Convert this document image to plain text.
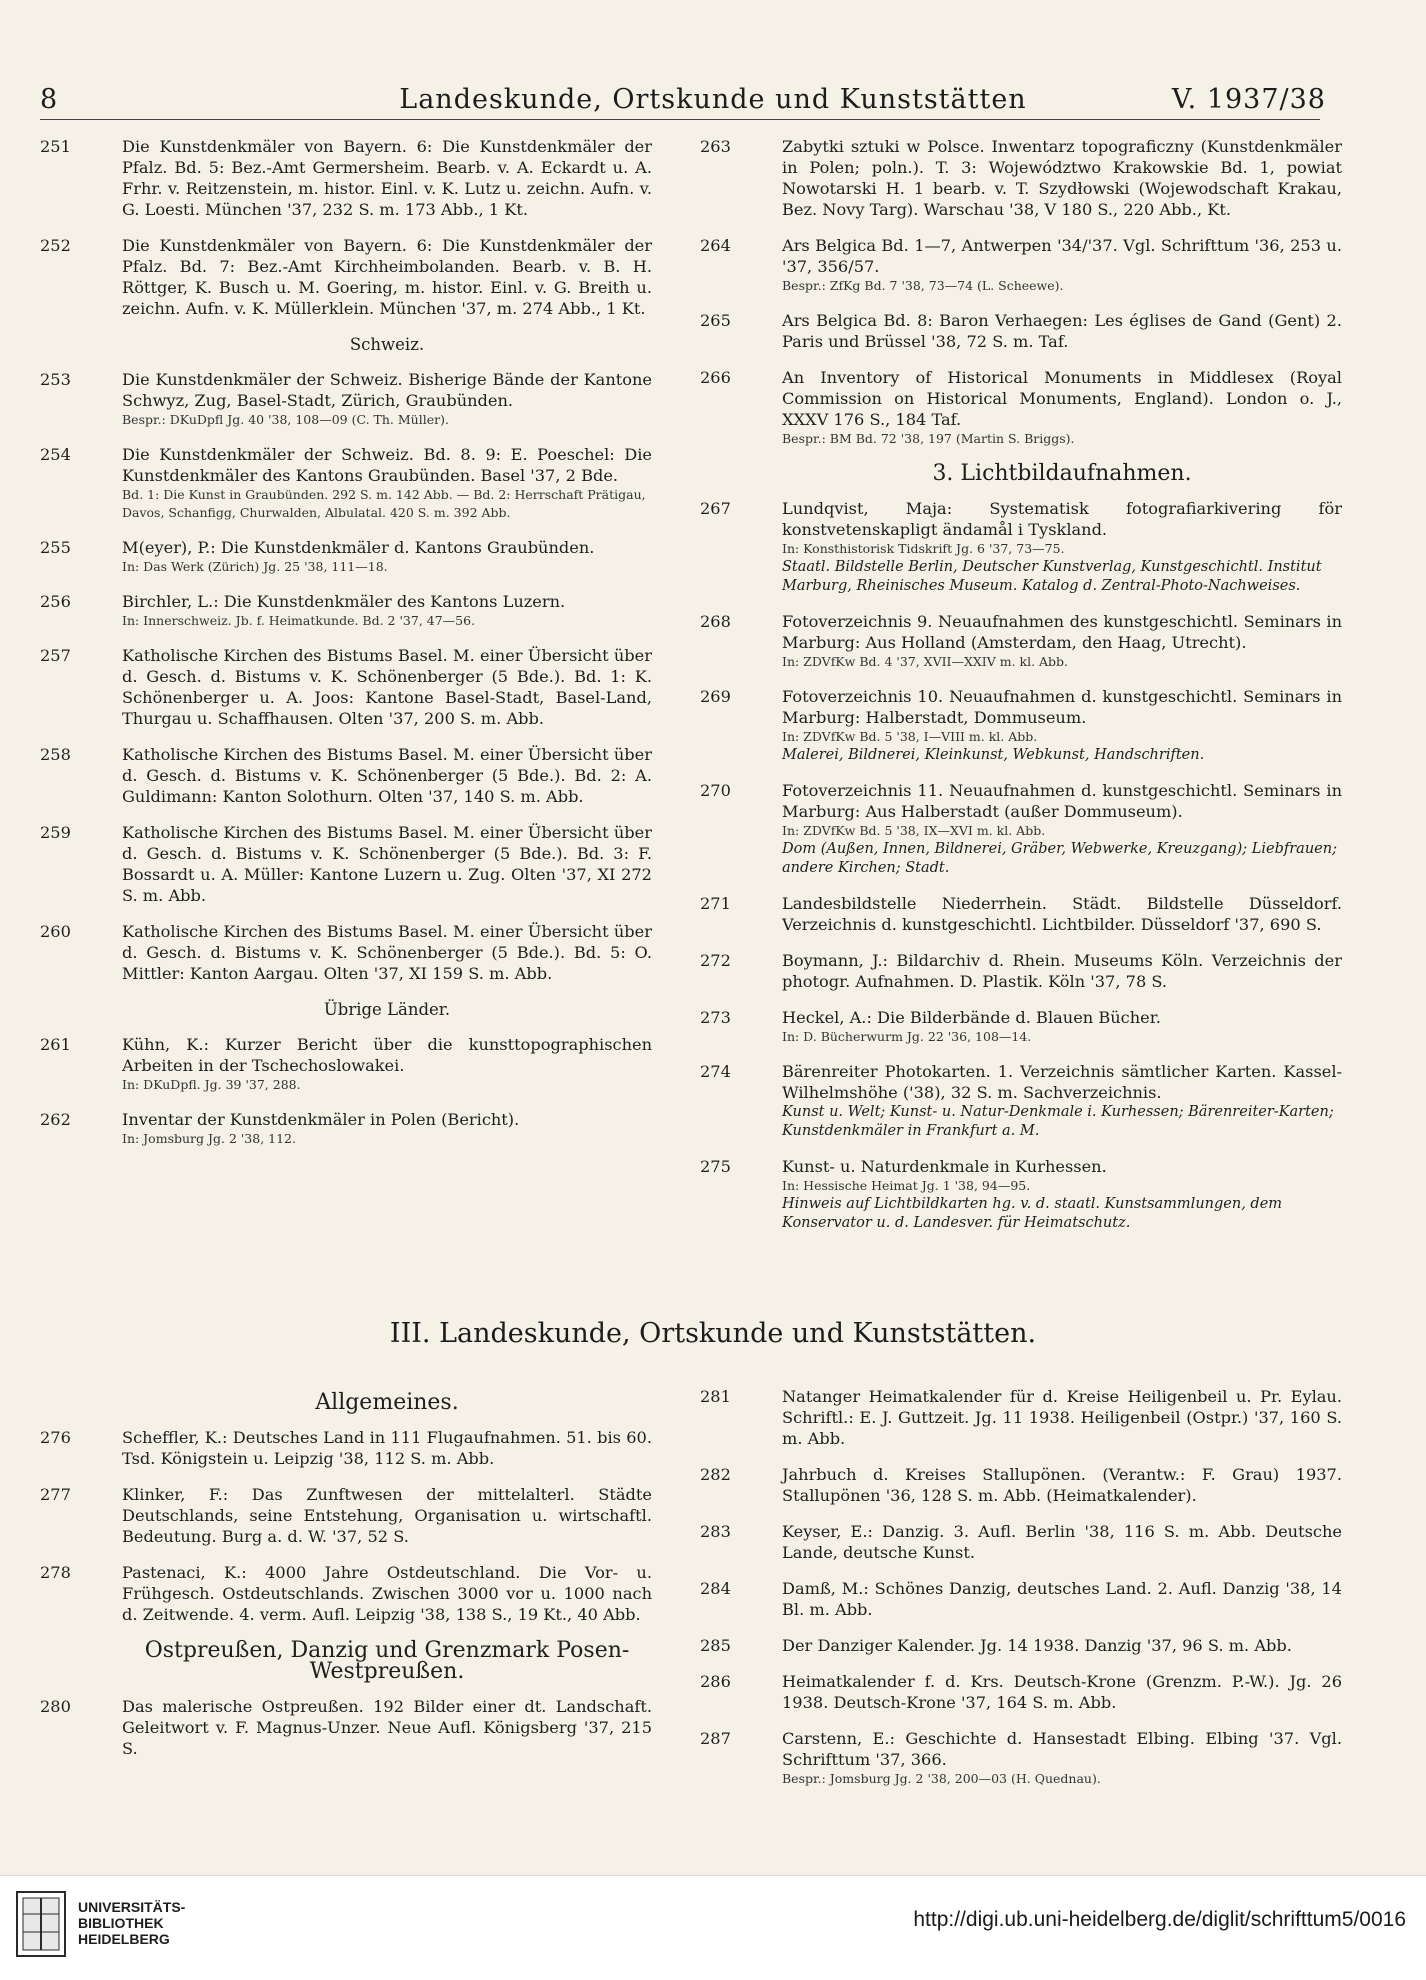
8	Landeskunde, Ortskunde und Kunststätten	V. 1937/38
251	Die Kunstdenkmäler von Bayern. 6: Die Kunstdenkmäler der Pfalz. Bd. 5: Bez.-Amt Germersheim. Bearb. v. A. Eckardt u. A. Frhr. v. Reitzenstein, m. histor. Einl. v. K. Lutz u. zeichn. Aufn. v. G. Loesti. München '37, 232 S. m. 173 Abb., 1 Kt.
252	Die Kunstdenkmäler von Bayern. 6: Die Kunstdenkmäler der Pfalz. Bd. 7: Bez.-Amt Kirchheimbolanden. Bearb. v. B. H. Röttger, K. Busch u. M. Goering, m. histor. Einl. v. G. Breith u. zeichn. Aufn. v. K. Müllerklein. München '37, m. 274 Abb., 1 Kt.
Schweiz.
253	Die Kunstdenkmäler der Schweiz. Bisherige Bände der Kantone Schwyz, Zug, Basel-Stadt, Zürich, Graubünden.
Bespr.: DKuDpfl Jg. 40 '38, 108—09 (C. Th. Müller).
254	Die Kunstdenkmäler der Schweiz. Bd. 8. 9: E. Poeschel: Die Kunstdenkmäler des Kantons Graubünden. Basel '37, 2 Bde.
Bd. 1: Die Kunst in Graubünden. 292 S. m. 142 Abb. — Bd. 2: Herrschaft Prätigau, Davos, Schanfigg, Churwalden, Albulatal. 420 S. m. 392 Abb.
255	M(eyer), P.: Die Kunstdenkmäler d. Kantons Graubünden.
In: Das Werk (Zürich) Jg. 25 '38, 111—18.
256	Birchler, L.: Die Kunstdenkmäler des Kantons Luzern.
In: Innerschweiz. Jb. f. Heimatkunde. Bd. 2 '37, 47—56.
257	Katholische Kirchen des Bistums Basel. M. einer Übersicht über d. Gesch. d. Bistums v. K. Schönenberger (5 Bde.). Bd. 1: K. Schönenberger u. A. Joos: Kantone Basel-Stadt, Basel-Land, Thurgau u. Schaffhausen. Olten '37, 200 S. m. Abb.
258	Katholische Kirchen des Bistums Basel. M. einer Übersicht über d. Gesch. d. Bistums v. K. Schönenberger (5 Bde.). Bd. 2: A. Guldimann: Kanton Solothurn. Olten '37, 140 S. m. Abb.
259	Katholische Kirchen des Bistums Basel. M. einer Übersicht über d. Gesch. d. Bistums v. K. Schönenberger (5 Bde.). Bd. 3: F. Bossardt u. A. Müller: Kantone Luzern u. Zug. Olten '37, XI 272 S. m. Abb.
260	Katholische Kirchen des Bistums Basel. M. einer Übersicht über d. Gesch. d. Bistums v. K. Schönenberger (5 Bde.). Bd. 5: O. Mittler: Kanton Aargau. Olten '37, XI 159 S. m. Abb.
Übrige Länder.
261	Kühn, K.: Kurzer Bericht über die kunsttopographischen Arbeiten in der Tschechoslowakei.
In: DKuDpfl. Jg. 39 '37, 288.
262	Inventar der Kunstdenkmäler in Polen (Bericht).
In: Jomsburg Jg. 2 '38, 112.
263	Zabytki sztuki w Polsce. Inwentarz topograficzny (Kunstdenkmäler in Polen; poln.). T. 3: Województwo Krakowskie Bd. 1, powiat Nowotarski H. 1 bearb. v. T. Szydłowski (Wojewodschaft Krakau, Bez. Novy Targ). Warschau '38, V 180 S., 220 Abb., Kt.
264	Ars Belgica Bd. 1—7, Antwerpen '34/'37. Vgl. Schrifttum '36, 253 u. '37, 356/57.
Bespr.: ZfKg Bd. 7 '38, 73—74 (L. Scheewe).
265	Ars Belgica Bd. 8: Baron Verhaegen: Les églises de Gand (Gent) 2. Paris und Brüssel '38, 72 S. m. Taf.
266	An Inventory of Historical Monuments in Middlesex (Royal Commission on Historical Monuments, England). London o. J., XXXV 176 S., 184 Taf.
Bespr.: BM Bd. 72 '38, 197 (Martin S. Briggs).
3. Lichtbildaufnahmen.
267	Lundqvist, Maja: Systematisk fotografiarkivering för konstvetenskapligt ändamål i Tyskland.
In: Konsthistorisk Tidskrift Jg. 6 '37, 73—75.
Staatl. Bildstelle Berlin, Deutscher Kunstverlag, Kunstgeschichtl. Institut Marburg, Rheinisches Museum. Katalog d. Zentral-Photo-Nachweises.
268	Fotoverzeichnis 9. Neuaufnahmen des kunstgeschichtl. Seminars in Marburg: Aus Holland (Amsterdam, den Haag, Utrecht).
In: ZDVfKw Bd. 4 '37, XVII—XXIV m. kl. Abb.
269	Fotoverzeichnis 10. Neuaufnahmen d. kunstgeschichtl. Seminars in Marburg: Halberstadt, Dommuseum.
In: ZDVfKw Bd. 5 '38, I—VIII m. kl. Abb.
Malerei, Bildnerei, Kleinkunst, Webkunst, Handschriften.
270	Fotoverzeichnis 11. Neuaufnahmen d. kunstgeschichtl. Seminars in Marburg: Aus Halberstadt (außer Dommuseum).
In: ZDVfKw Bd. 5 '38, IX—XVI m. kl. Abb.
Dom (Außen, Innen, Bildnerei, Gräber, Webwerke, Kreuzgang); Liebfrauen; andere Kirchen; Stadt.
271	Landesbildstelle Niederrhein. Städt. Bildstelle Düsseldorf. Verzeichnis d. kunstgeschichtl. Lichtbilder. Düsseldorf '37, 690 S.
272	Boymann, J.: Bildarchiv d. Rhein. Museums Köln. Verzeichnis der photogr. Aufnahmen. D. Plastik. Köln '37, 78 S.
273	Heckel, A.: Die Bilderbände d. Blauen Bücher.
In: D. Bücherwurm Jg. 22 '36, 108—14.
274	Bärenreiter Photokarten. 1. Verzeichnis sämtlicher Karten. Kassel-Wilhelmshöhe ('38), 32 S. m. Sachverzeichnis.
Kunst u. Welt; Kunst- u. Natur-Denkmale i. Kurhessen; Bärenreiter-Karten; Kunstdenkmäler in Frankfurt a. M.
275	Kunst- u. Naturdenkmale in Kurhessen.
In: Hessische Heimat Jg. 1 '38, 94—95.
Hinweis auf Lichtbildkarten hg. v. d. staatl. Kunstsammlungen, dem Konservator u. d. Landesver. für Heimatschutz.
III. Landeskunde, Ortskunde und Kunststätten.
Allgemeines.
276	Scheffler, K.: Deutsches Land in 111 Flugaufnahmen. 51. bis 60. Tsd. Königstein u. Leipzig '38, 112 S. m. Abb.
277	Klinker, F.: Das Zunftwesen der mittelalterl. Städte Deutschlands, seine Entstehung, Organisation u. wirtschaftl. Bedeutung. Burg a. d. W. '37, 52 S.
278	Pastenaci, K.: 4000 Jahre Ostdeutschland. Die Vor- u. Frühgesch. Ostdeutschlands. Zwischen 3000 vor u. 1000 nach d. Zeitwende. 4. verm. Aufl. Leipzig '38, 138 S., 19 Kt., 40 Abb.
Ostpreußen, Danzig und Grenzmark Posen-Westpreußen.
280	Das malerische Ostpreußen. 192 Bilder einer dt. Landschaft. Geleitwort v. F. Magnus-Unzer. Neue Aufl. Königsberg '37, 215 S.
281	Natanger Heimatkalender für d. Kreise Heiligenbeil u. Pr. Eylau. Schriftl.: E. J. Guttzeit. Jg. 11 1938. Heiligenbeil (Ostpr.) '37, 160 S. m. Abb.
282	Jahrbuch d. Kreises Stallupönen. (Verantw.: F. Grau) 1937. Stallupönen '36, 128 S. m. Abb. (Heimatkalender).
283	Keyser, E.: Danzig. 3. Aufl. Berlin '38, 116 S. m. Abb. Deutsche Lande, deutsche Kunst.
284	Damß, M.: Schönes Danzig, deutsches Land. 2. Aufl. Danzig '38, 14 Bl. m. Abb.
285	Der Danziger Kalender. Jg. 14 1938. Danzig '37, 96 S. m. Abb.
286	Heimatkalender f. d. Krs. Deutsch-Krone (Grenzm. P.-W.). Jg. 26 1938. Deutsch-Krone '37, 164 S. m. Abb.
287	Carstenn, E.: Geschichte d. Hansestadt Elbing. Elbing '37. Vgl. Schrifttum '37, 366.
Bespr.: Jomsburg Jg. 2 '38, 200—03 (H. Quednau).
UNIVERSITÄTS-
BIBLIOTHEK
HEIDELBERG
http://digi.ub.uni-heidelberg.de/diglit/schrifttum5/0016
